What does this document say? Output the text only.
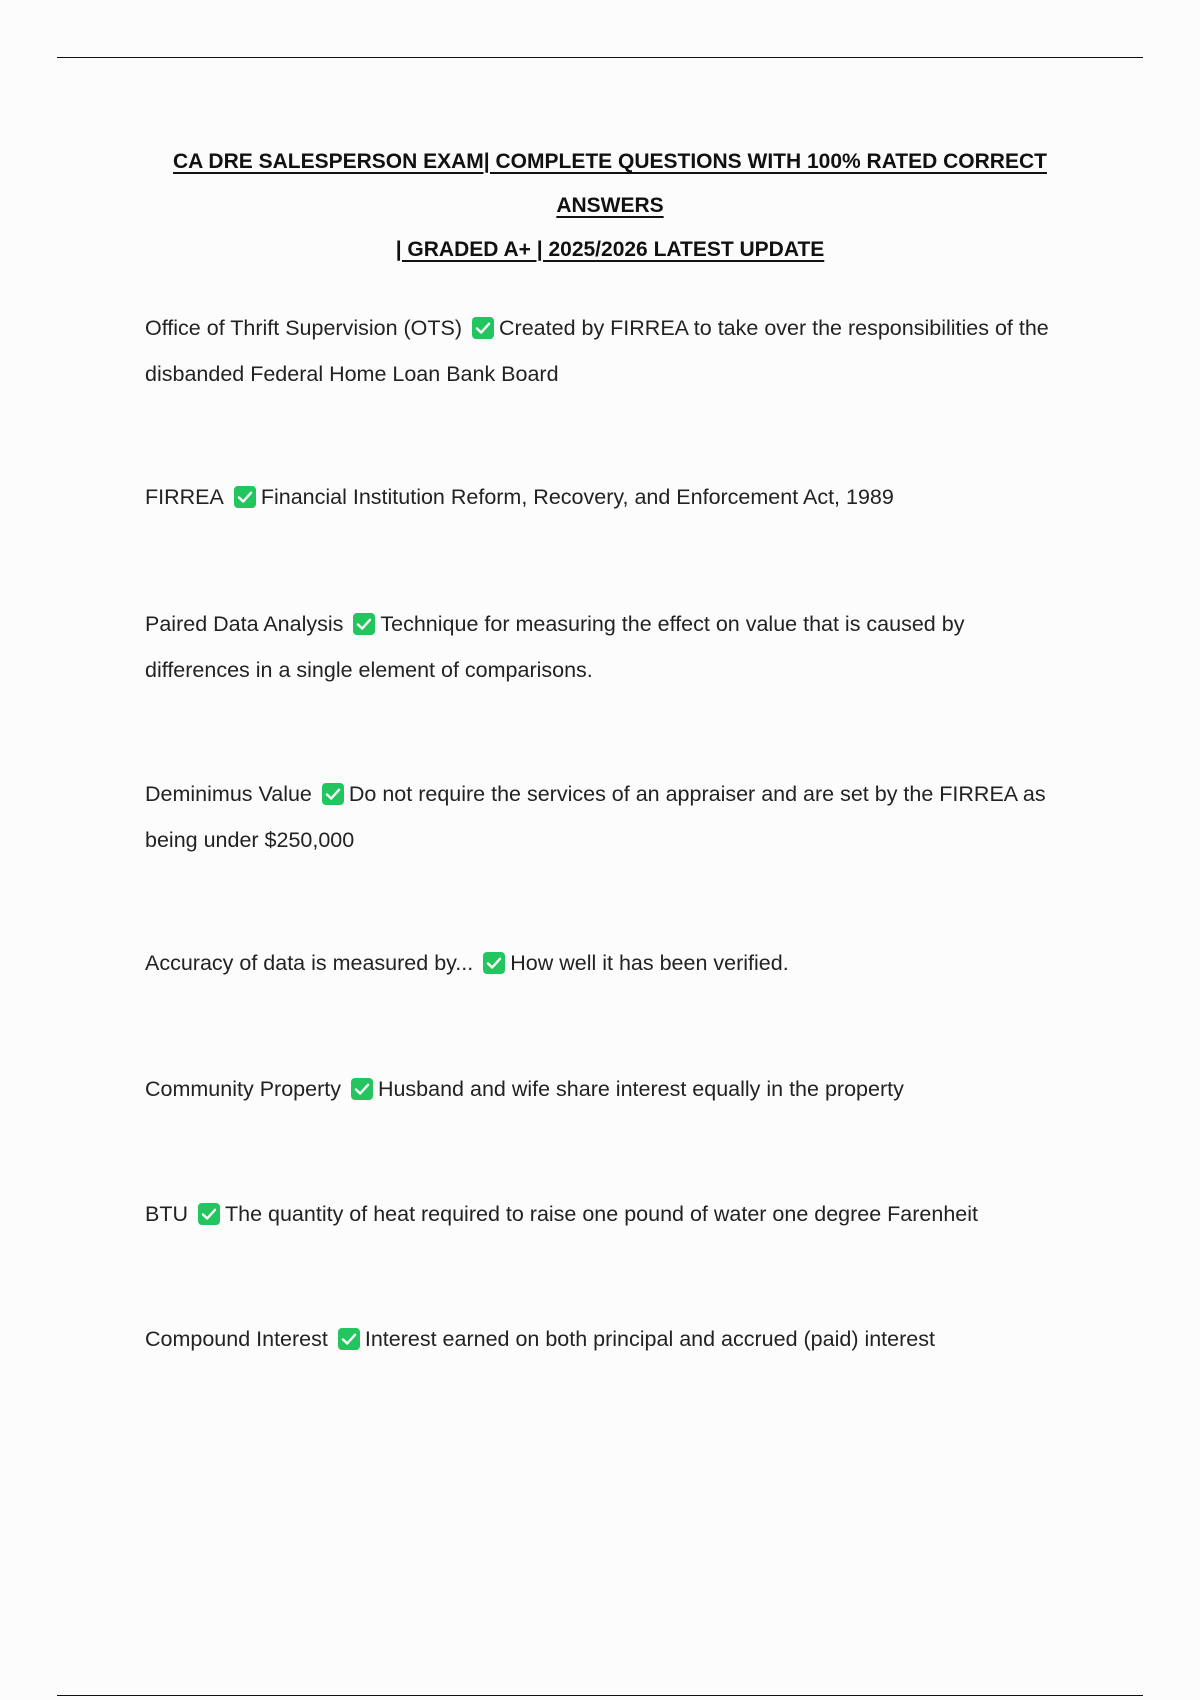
CA DRE SALESPERSON EXAM| COMPLETE QUESTIONS WITH 100% RATED CORRECT ANSWERS
| GRADED A+ | 2025/2026 LATEST UPDATE
Office of Thrift Supervision (OTS) Created by FIRREA to take over the responsibilities of the disbanded Federal Home Loan Bank Board
FIRREA Financial Institution Reform, Recovery, and Enforcement Act, 1989
Paired Data Analysis Technique for measuring the effect on value that is caused by differences in a single element of comparisons.
Deminimus Value Do not require the services of an appraiser and are set by the FIRREA as being under $250,000
Accuracy of data is measured by... How well it has been verified.
Community Property Husband and wife share interest equally in the property
BTU The quantity of heat required to raise one pound of water one degree Farenheit
Compound Interest Interest earned on both principal and accrued (paid) interest
